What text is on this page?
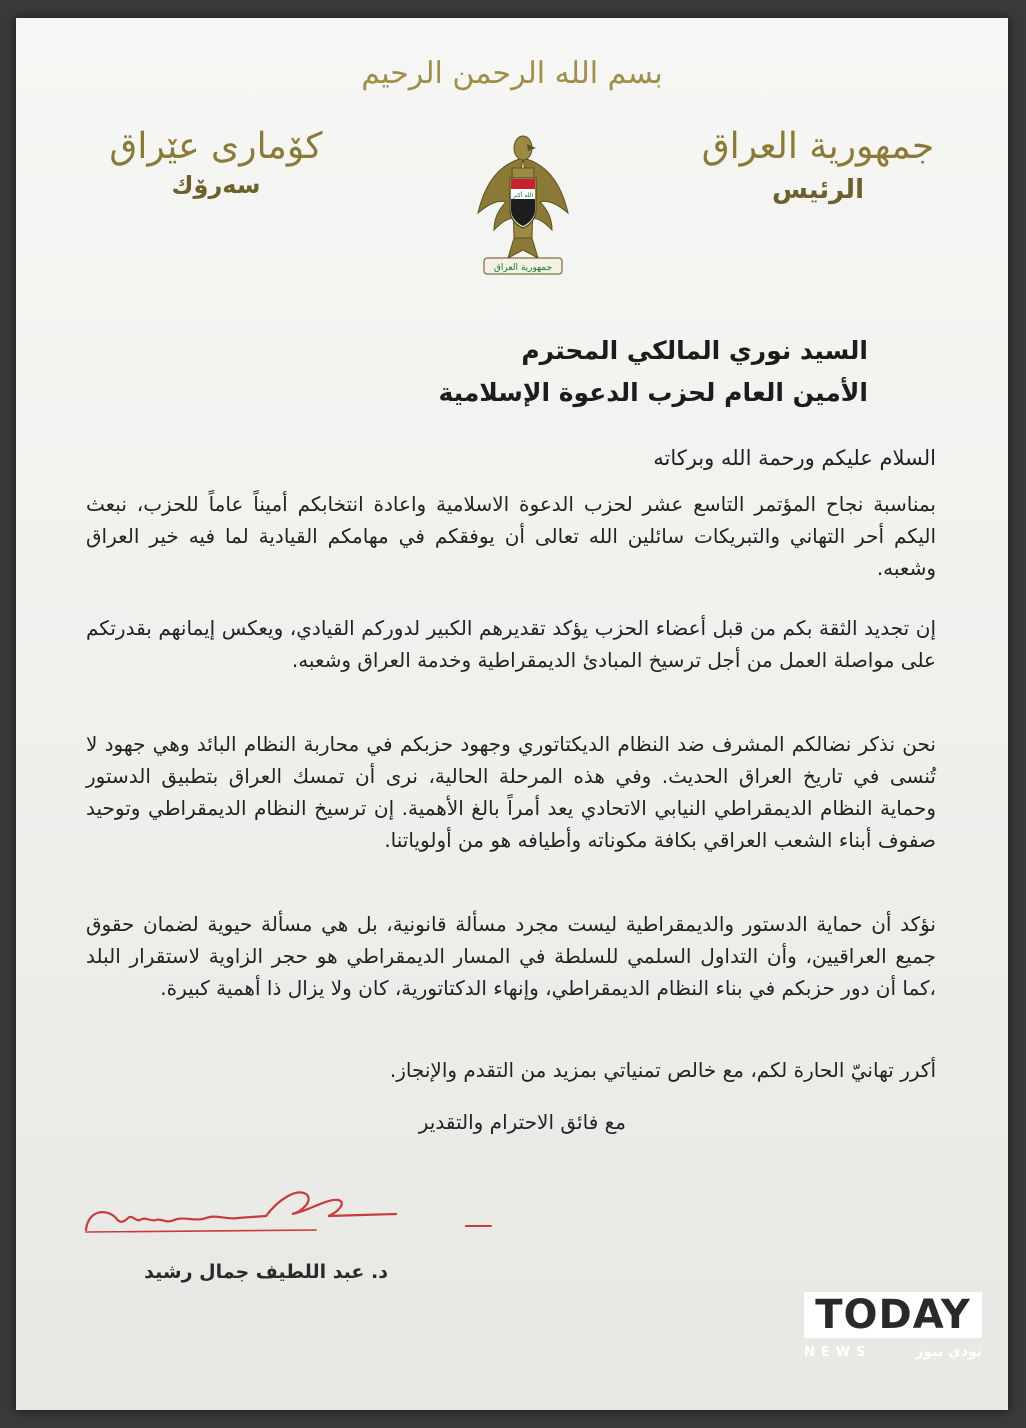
بسم الله الرحمن الرحيم
جمهورية العراق
الرئيس
كۆماری عێراق
سەرۆك	الله أكبر
جمهورية العراق
السيد نوري المالكي المحترم
الأمين العام لحزب الدعوة الإسلامية
السلام عليكم ورحمة الله وبركاته
بمناسبة نجاح المؤتمر التاسع عشر لحزب الدعوة الاسلامية واعادة انتخابكم أميناً عاماً للحزب، نبعث اليكم أحر التهاني والتبريكات سائلين الله تعالى أن يوفقكم في مهامكم القيادية لما فيه خير العراق وشعبه.
إن تجديد الثقة بكم من قبل أعضاء الحزب يؤكد تقديرهم الكبير لدوركم القيادي، ويعكس إيمانهم بقدرتكم على مواصلة العمل من أجل ترسيخ المبادئ الديمقراطية وخدمة العراق وشعبه.
نحن نذكر نضالكم المشرف ضد النظام الديكتاتوري وجهود حزبكم في محاربة النظام البائد وهي جهود لا تُنسى في تاريخ العراق الحديث. وفي هذه المرحلة الحالية، نرى أن تمسك العراق بتطبيق الدستور وحماية النظام الديمقراطي النيابي الاتحادي يعد أمراً بالغ الأهمية. إن ترسيخ النظام الديمقراطي وتوحيد صفوف أبناء الشعب العراقي بكافة مكوناته وأطيافه هو من أولوياتنا.
نؤكد أن حماية الدستور والديمقراطية ليست مجرد مسألة قانونية، بل هي مسألة حيوية لضمان حقوق جميع العراقيين، وأن التداول السلمي للسلطة في المسار الديمقراطي هو حجر الزاوية لاستقرار البلد ،كما أن دور حزبكم في بناء النظام الديمقراطي، وإنهاء الدكتاتورية، كان ولا يزال ذا أهمية كبيرة.
أكرر تهانيّ الحارة لكم، مع خالص تمنياتي بمزيد من التقدم والإنجاز.
مع فائق الاحترام والتقدير
د. عبد اللطيف جمال رشيد
TODAY
NEWS	تودي نيوز
